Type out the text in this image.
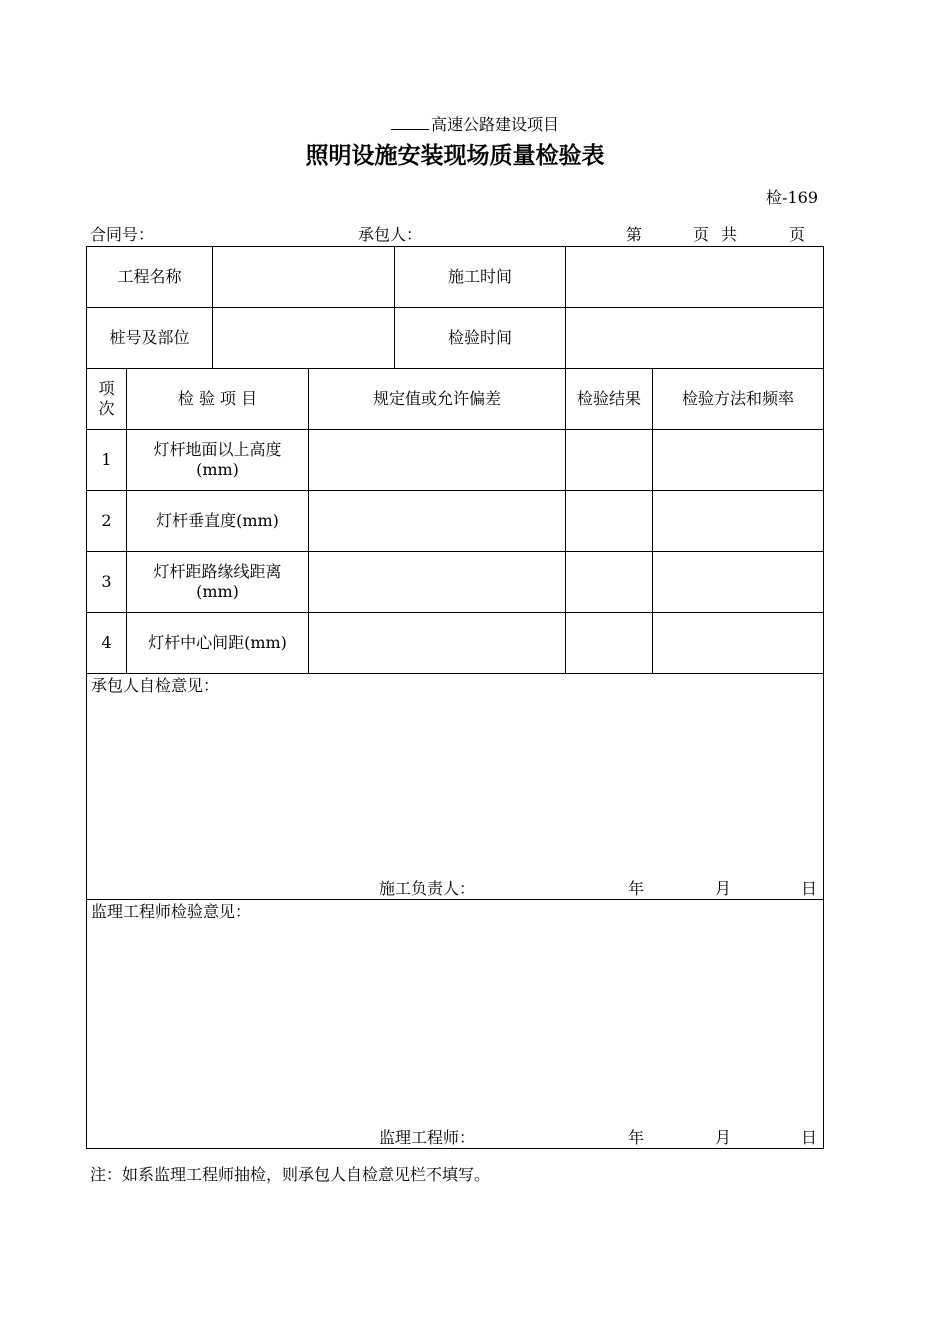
高速公路建设项目
照明设施安装现场质量检验表
检-169
合同号：	承包人：	第	页 共	页
工程名称				施工时间		
桩号及部位				检验时间		

项
次	检 验 项 目		规定值或允许偏差		检验结果	检验方法和频率
1	灯杆地面以上高度
(mm)					

2	灯杆垂直度(mm)					

3	灯杆距路缘线距离
(mm)					

4	灯杆中心间距(mm)					

承包人自检意见：
施工负责人： 年 月 日						

监理工程师检验意见：
监理工程师： 年 月 日						
注：如系监理工程师抽检，则承包人自检意见栏不填写。
